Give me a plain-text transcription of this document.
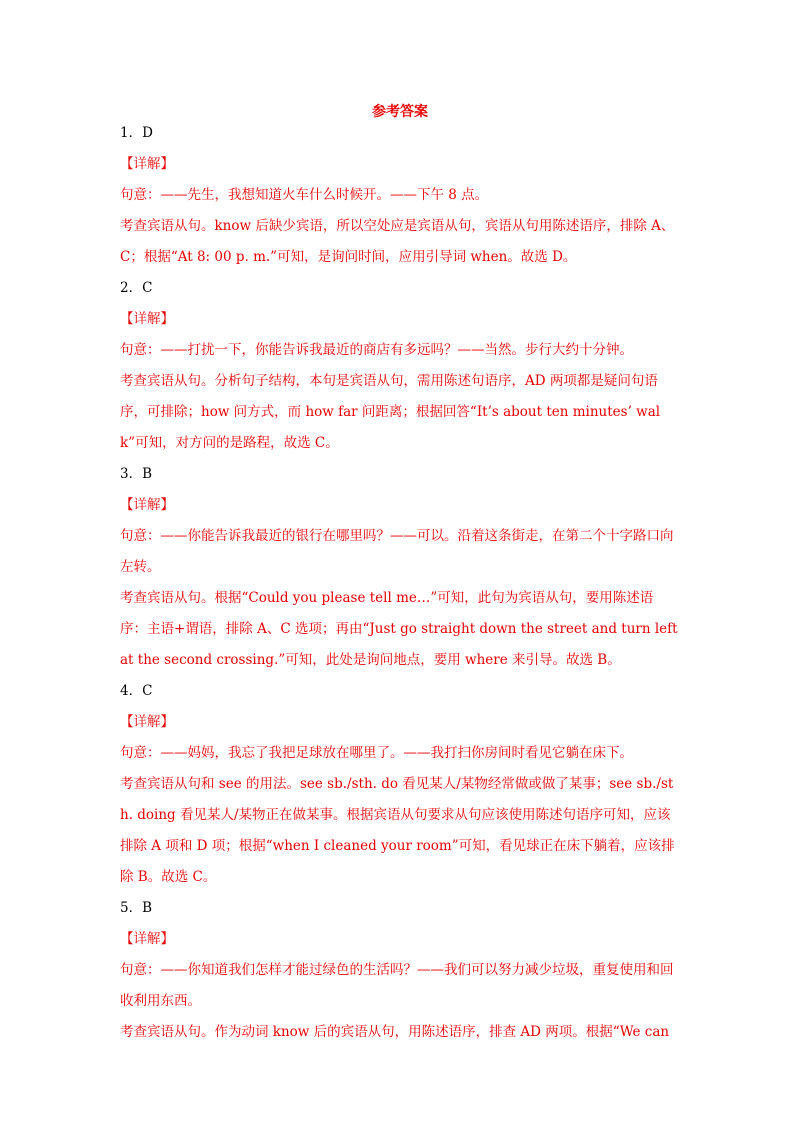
参考答案

1．D

【详解】

句意：——先生，我想知道火车什么时候开。——下午 8 点。

考查宾语从句。know 后缺少宾语，所以空处应是宾语从句，宾语从句用陈述语序，排除 A、C；根据“At 8: 00 p. m.”可知，是询问时间，应用引导词 when。故选 D。

2．C

【详解】

句意：——打扰一下，你能告诉我最近的商店有多远吗？——当然。步行大约十分钟。

考查宾语从句。分析句子结构，本句是宾语从句，需用陈述句语序，AD 两项都是疑问句语序，可排除；how 问方式，而 how far 问距离；根据回答“It’s about ten minutes’ walk”可知，对方问的是路程，故选 C。

3．B

【详解】

句意：——你能告诉我最近的银行在哪里吗？——可以。沿着这条街走，在第二个十字路口向左转。

考查宾语从句。根据“Could you please tell me…”可知，此句为宾语从句，要用陈述语序：主语+谓语，排除 A、C 选项；再由“Just go straight down the street and turn left at the second crossing.”可知，此处是询问地点，要用 where 来引导。故选 B。

4．C

【详解】

句意：——妈妈，我忘了我把足球放在哪里了。——我打扫你房间时看见它躺在床下。

考查宾语从句和 see 的用法。see sb./sth. do 看见某人/某物经常做或做了某事；see sb./sth. doing 看见某人/某物正在做某事。根据宾语从句要求从句应该使用陈述句语序可知，应该排除 A 项和 D 项；根据“when I cleaned your room”可知，看见球正在床下躺着，应该排除 B。故选 C。

5．B

【详解】

句意：——你知道我们怎样才能过绿色的生活吗？——我们可以努力减少垃圾，重复使用和回收利用东西。

考查宾语从句。作为动词 know 后的宾语从句，用陈述语序，排查 AD 两项。根据“We can
